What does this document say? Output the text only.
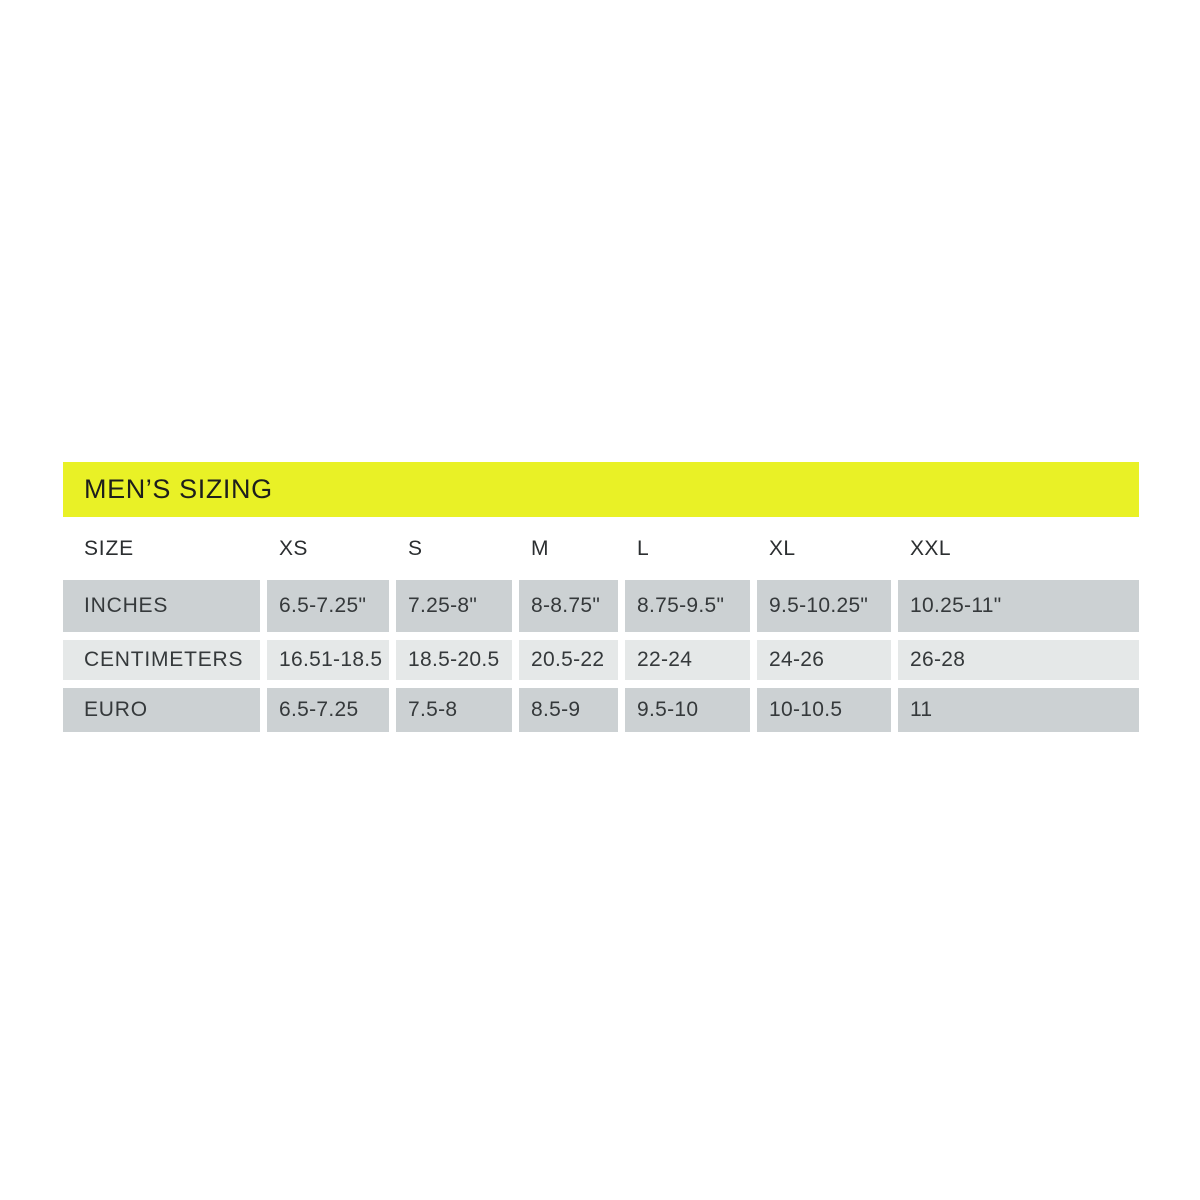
MEN’S SIZING
SIZE	XS	S	M	L	XL	XXL
INCHES	6.5-7.25"	7.25-8"	8-8.75"	8.75-9.5"	9.5-10.25"	10.25-11"
CENTIMETERS	16.51-18.5	18.5-20.5	20.5-22	22-24	24-26	26-28
EURO	6.5-7.25	7.5-8	8.5-9	9.5-10	10-10.5	11
